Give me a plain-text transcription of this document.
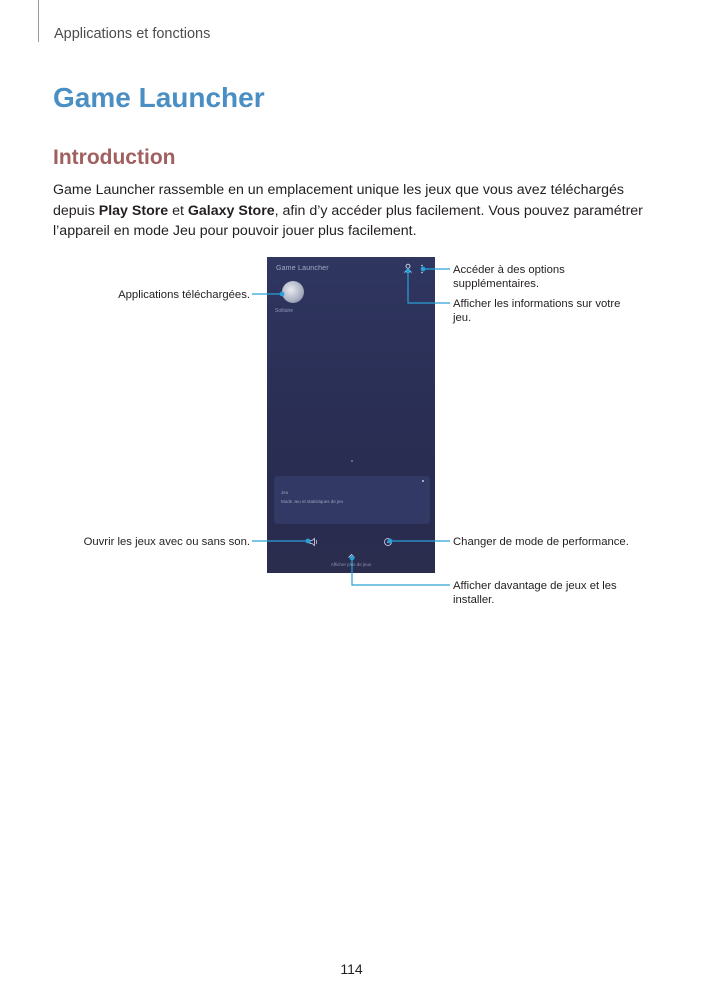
Applications et fonctions
Game Launcher
Introduction
Game Launcher rassemble en un emplacement unique les jeux que vous avez téléchargés depuis Play Store et Galaxy Store, afin d’y accéder plus facilement. Vous pouvez paramétrer l’appareil en mode Jeu pour pouvoir jouer plus facilement.
Game Launcher
Solitaire
Jeu
Mode Jeu et statistiques de jeu
Afficher plus de jeux
Applications téléchargées.
Ouvrir les jeux avec ou sans son.
Accéder à des options supplémentaires.
Afficher les informations sur votre jeu.
Changer de mode de performance.
Afficher davantage de jeux et les installer.
114
